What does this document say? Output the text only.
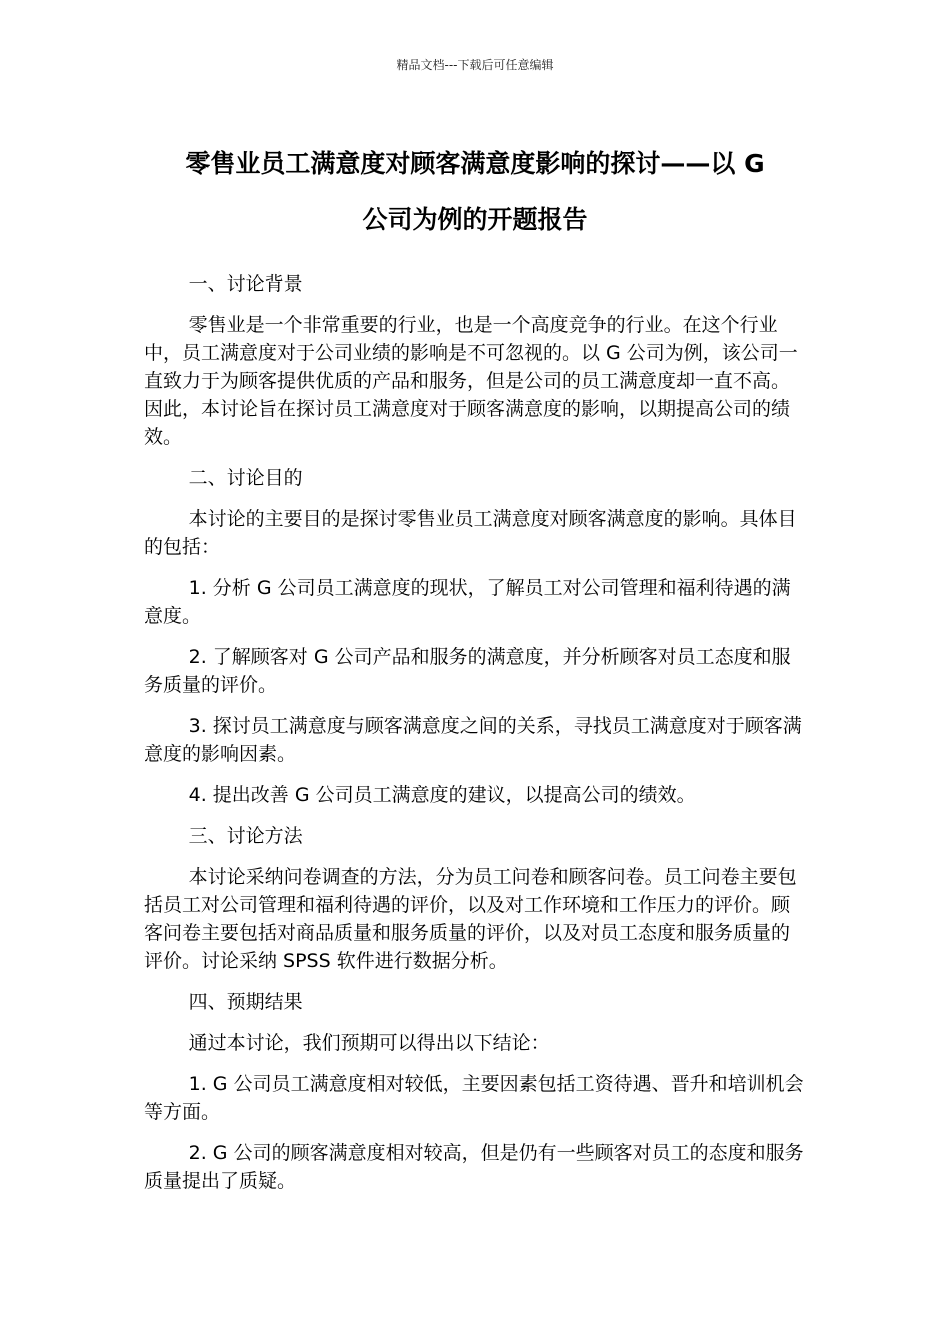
精品文档---下载后可任意编辑
零售业员工满意度对顾客满意度影响的探讨——以 G
公司为例的开题报告

一、讨论背景

零售业是一个非常重要的行业，也是一个高度竞争的行业。在这个行业中，员工满意度对于公司业绩的影响是不可忽视的。以 G 公司为例，该公司一直致力于为顾客提供优质的产品和服务，但是公司的员工满意度却一直不高。因此，本讨论旨在探讨员工满意度对于顾客满意度的影响，以期提高公司的绩效。

二、讨论目的

本讨论的主要目的是探讨零售业员工满意度对顾客满意度的影响。具体目的包括：

1. 分析 G 公司员工满意度的现状，了解员工对公司管理和福利待遇的满意度。

2. 了解顾客对 G 公司产品和服务的满意度，并分析顾客对员工态度和服务质量的评价。

3. 探讨员工满意度与顾客满意度之间的关系，寻找员工满意度对于顾客满意度的影响因素。

4. 提出改善 G 公司员工满意度的建议，以提高公司的绩效。

三、讨论方法

本讨论采纳问卷调查的方法，分为员工问卷和顾客问卷。员工问卷主要包括员工对公司管理和福利待遇的评价，以及对工作环境和工作压力的评价。顾客问卷主要包括对商品质量和服务质量的评价，以及对员工态度和服务质量的评价。讨论采纳 SPSS 软件进行数据分析。

四、预期结果

通过本讨论，我们预期可以得出以下结论：

1. G 公司员工满意度相对较低，主要因素包括工资待遇、晋升和培训机会等方面。

2. G 公司的顾客满意度相对较高，但是仍有一些顾客对员工的态度和服务质量提出了质疑。
